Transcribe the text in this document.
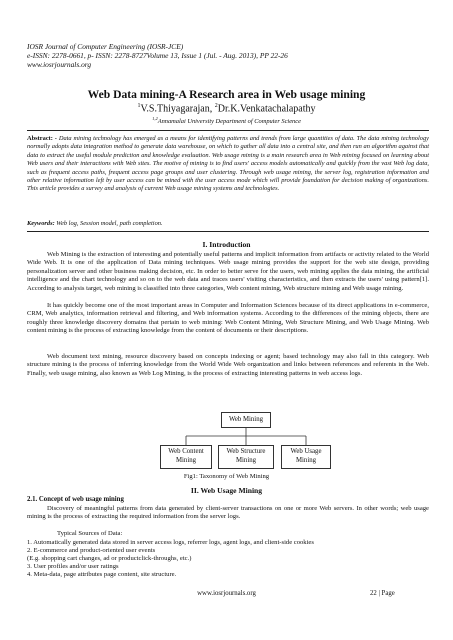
IOSR Journal of Computer Engineering (IOSR-JCE)
e-ISSN: 2278-0661, p- ISSN: 2278-8727Volume 13, Issue 1 (Jul. - Aug. 2013), PP 22-26
www.iosrjournals.org
Web Data mining-A Research area in Web usage mining
$^1$V.S.Thiyagarajan, $^2$Dr.K.Venkatachalapathy
$^{1,2}$Annamalai University Department of Computer Science
Abstract: - Data mining technology has emerged as a means for identifying patterns and trends from large quantities of data. The data mining technology normally adopts data integration method to generate data warehouse, on which to gather all data into a central site, and then run an algorithm against that data to extract the useful module prediction and knowledge evaluation. Web usage mining is a main research area in Web mining focused on learning about Web users and their interactions with Web sites. The motive of mining is to find users' access models automatically and quickly from the vast Web log data, such as frequent access paths, frequent access page groups and user clustering. Through web usage mining, the server log, registration information and other relative information left by user access can be mined with the user access mode which will provide foundation for decision making of organizations. This article provides a survey and analysis of current Web usage mining systems and technologies.
Keywords: Web log, Session model, path completion.
I. Introduction
Web Mining is the extraction of interesting and potentially useful patterns and implicit information from artifacts or activity related to the World Wide Web. It is one of the application of Data mining techniques. Web usage mining provides the support for the web site design, providing personalization server and other business making decision, etc. In order to better serve for the users, web mining applies the data mining, the artificial intelligence and the chart technology and so on to the web data and traces users' visiting characteristics, and then extracts the users' using pattern[1]. According to analysis target, web mining is classified into three categories, Web content mining, Web structure mining and Web usage mining.
It has quickly become one of the most important areas in Computer and Information Sciences because of its direct applications in e-commerce, CRM, Web analytics, information retrieval and filtering, and Web information systems. According to the differences of the mining objects, there are roughly three knowledge discovery domains that pertain to web mining: Web Content Mining, Web Structure Mining, and Web Usage Mining. Web content mining is the process of extracting knowledge from the content of documents or their descriptions.
Web document text mining, resource discovery based on concepts indexing or agent; based technology may also fall in this category. Web structure mining is the process of inferring knowledge from the World Wide Web organization and links between references and referents in the Web. Finally, web usage mining, also known as Web Log Mining, is the process of extracting interesting patterns in web access logs.
Web Mining
Web Content
Mining
Web Structure
Mining
Web Usage
Mining
Fig1: Taxonomy of Web Mining
II. Web Usage Mining
2.1. Concept of web usage mining
Discovery of meaningful patterns from data generated by client-server transactions on one or more Web servers. In other words; web usage mining is the process of extracting the required information from the server logs.
Typical Sources of Data:
1. Automatically generated data stored in server access logs, referrer logs, agent logs, and client-side cookies
2. E-commerce and product-oriented user events
(E.g. shopping cart changes, ad or productclick-throughs, etc.)
3. User profiles and/or user ratings
4. Meta-data, page attributes page content, site structure.
www.iosrjournals.org	22 | Page
